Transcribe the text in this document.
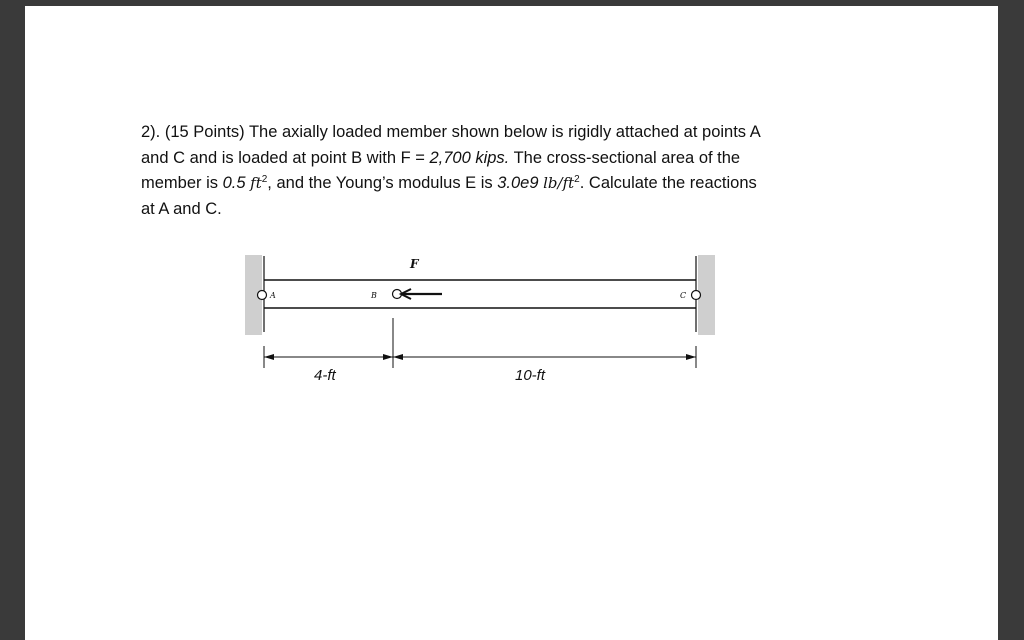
2). (15 Points) The axially loaded member shown below is rigidly attached at points A

and C and is loaded at point B with F = 2,700 kips. The cross-sectional area of the

member is 0.5 $ft^2$, and the Young’s modulus E is 3.0e9 $lb/ft^2$. Calculate the reactions

at A and C.

A	B
F
C
4-ft	10-ft
